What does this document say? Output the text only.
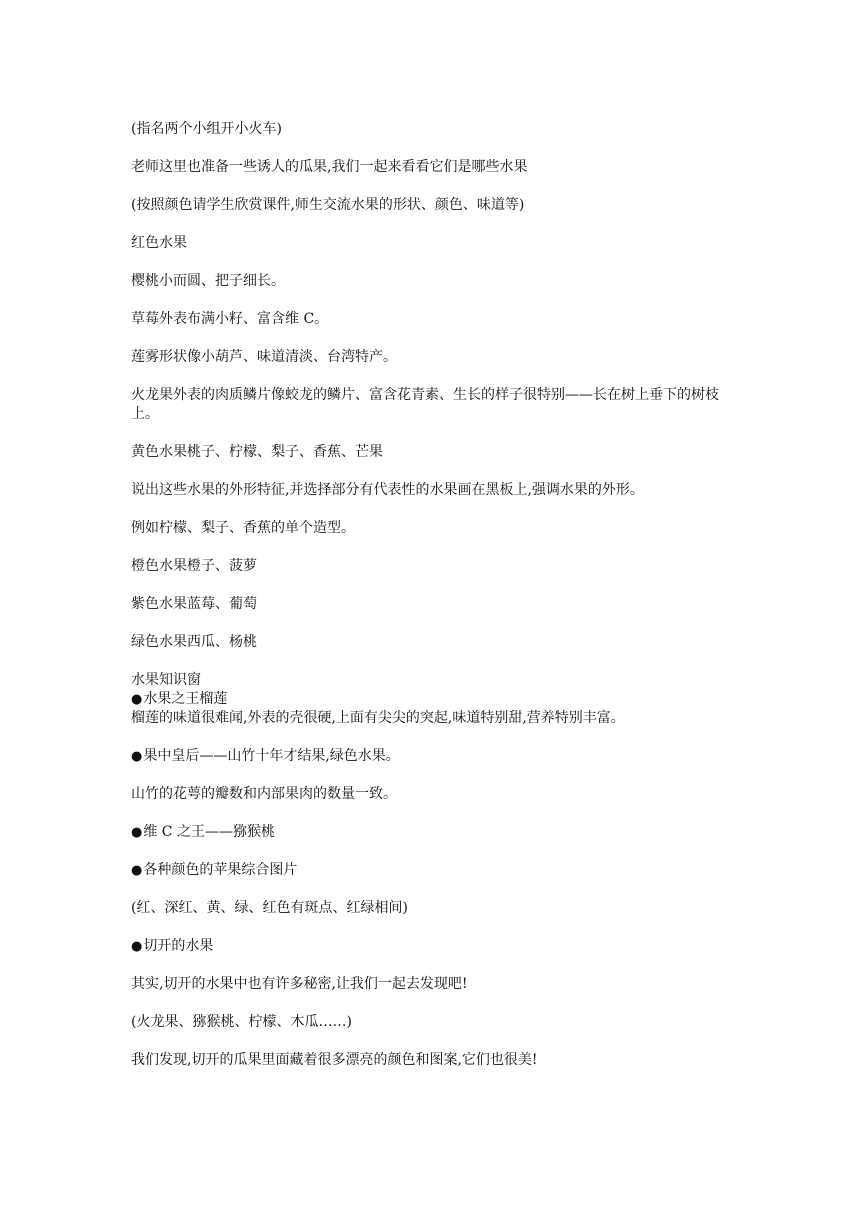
(指名两个小组开小火车)

老师这里也准备一些诱人的瓜果,我们一起来看看它们是哪些水果

(按照颜色请学生欣赏课件,师生交流水果的形状、颜色、味道等)

红色水果

樱桃小而圆、把子细长。

草莓外表布满小籽、富含维 C。

莲雾形状像小葫芦、味道清淡、台湾特产。

火龙果外表的肉质鳞片像蛟龙的鳞片、富含花青素、生长的样子很特别——长在树上垂下的树枝上。

黄色水果桃子、柠檬、梨子、香蕉、芒果

说出这些水果的外形特征,并选择部分有代表性的水果画在黑板上,强调水果的外形。

例如柠檬、梨子、香蕉的单个造型。

橙色水果橙子、菠萝

紫色水果蓝莓、葡萄

绿色水果西瓜、杨桃

水果知识窗

●水果之王榴莲

榴莲的味道很难闻,外表的壳很硬,上面有尖尖的突起,味道特别甜,营养特别丰富。

●果中皇后——山竹十年才结果,绿色水果。

山竹的花萼的瓣数和内部果肉的数量一致。

●维 C 之王——猕猴桃

●各种颜色的苹果综合图片

(红、深红、黄、绿、红色有斑点、红绿相间)

●切开的水果

其实,切开的水果中也有许多秘密,让我们一起去发现吧!

(火龙果、猕猴桃、柠檬、木瓜……)

我们发现,切开的瓜果里面藏着很多漂亮的颜色和图案,它们也很美!
